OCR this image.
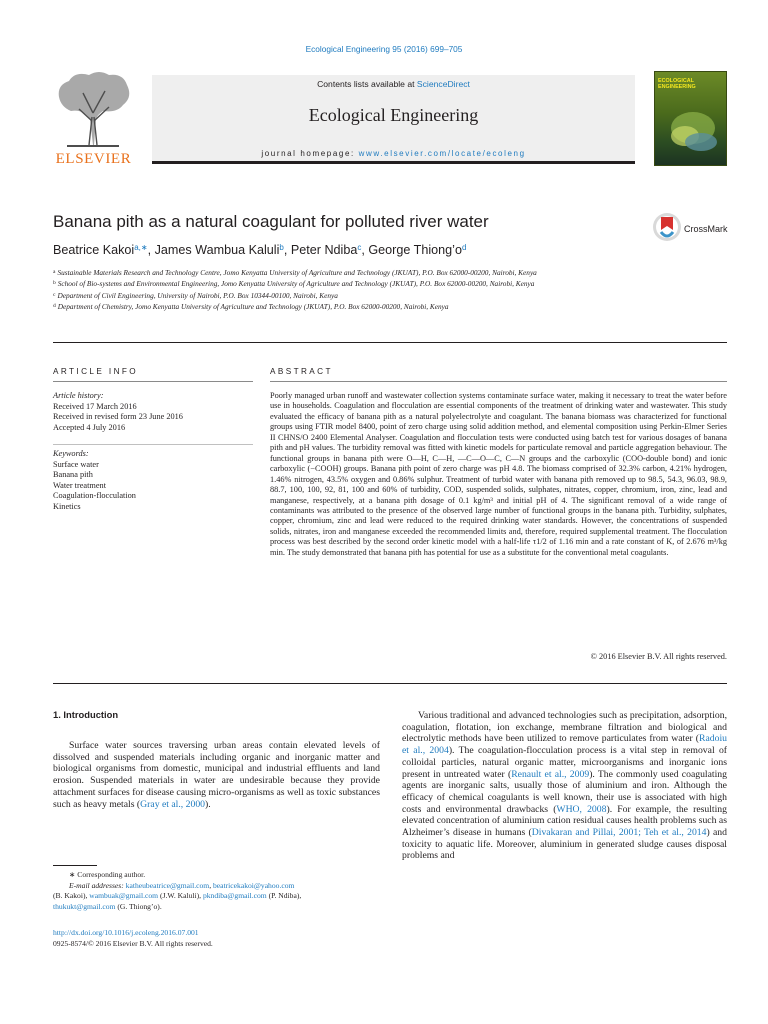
Ecological Engineering 95 (2016) 699–705
ELSEVIER
Contents lists available at ScienceDirect
Ecological Engineering
journal homepage: www.elsevier.com/locate/ecoleng
ECOLOGICAL ENGINEERING
Banana pith as a natural coagulant for polluted river water	CrossMark
Beatrice Kakoi$^{a,∗}$, James Wambua Kaluli$^b$, Peter Ndiba$^c$, George $Thiong’o^d$
$^a$ Sustainable Materials Research and Technology Centre, Jomo Kenyatta University of Agriculture and Technology (JKUAT), P.O. Box 62000-00200, Nairobi, Kenya
$^b$ School of Bio-systems and Environmental Engineering, Jomo Kenyatta University of Agriculture and Technology (JKUAT), P.O. Box 62000-00200, Nairobi, Kenya
$^c$ Department of Civil Engineering, University of Nairobi, P.O. Box 10344-00100, Nairobi, Kenya
$^d$ Department of Chemistry, Jomo Kenyatta University of Agriculture and Technology (JKUAT), P.O. Box 62000-00200, Nairobi, Kenya
ARTICLE INFO	ABSTRACT
Article history:
Received 17 March 2016
Received in revised form 23 June 2016
Accepted 4 July 2016
Keywords:
Surface water
Banana pith
Water treatment
Coagulation-flocculation
Kinetics
Poorly managed urban runoff and wastewater collection systems contaminate surface water, making it necessary to treat the water before use in households. Coagulation and flocculation are essential components of the treatment of drinking water and wastewater. This study evaluated the efficacy of banana pith as a natural polyelectrolyte and coagulant. The banana biomass was characterized for functional groups using FTIR model 8400, point of zero charge using solid addition method, and elemental composition using Perkin-Elmer Series II CHNS/O 2400 Elemental Analyser. Coagulation and flocculation tests were conducted using batch test for various dosages of banana pith and pH values. The turbidity removal was fitted with kinetic models for particulate removal and particle aggregation behaviour. The functional groups in banana pith were O—H, C—H, —C—O—C, C—N groups and the carboxylic (COO-double bond) and ionic carboxylic (−COOH) groups. Banana pith point of zero charge was pH 4.8. The biomass comprised of 32.3% carbon, 4.21% hydrogen, 1.46% nitrogen, 43.5% oxygen and 0.86% sulphur. Treatment of turbid water with banana pith removed up to 98.5, 54.3, 96.03, 98.9, 88.7, 100, 100, 92, 81, 100 and 60% of turbidity, COD, suspended solids, sulphates, nitrates, copper, chromium, iron, zinc, lead and manganese, respectively, at a banana pith dosage of 0.1 kg/m³ and initial pH of 4. The significant removal of a wide range of contaminants was attributed to the presence of the observed large number of functional groups in the banana pith. Turbidity, sulphates, copper, chromium, zinc and lead were reduced to the required drinking water standards. However, the concentrations of suspended solids, nitrates, iron and manganese exceeded the recommended limits and, therefore, required supplemental treatment. The flocculation process was best described by the second order kinetic model with a half-life τ1/2 of 1.16 min and a rate constant of K, of 2.676 m³/kg min. The study demonstrated that banana pith has potential for use as a substitute for the conventional metal coagulants.
© 2016 Elsevier B.V. All rights reserved.
1. Introduction

Surface water sources traversing urban areas contain elevated levels of dissolved and suspended materials including organic and inorganic matter and biological organisms from domestic, municipal and industrial effluents and land erosion. Suspended materials in water are undesirable because they provide attachment surfaces for disease causing micro-organisms as well as toxic substances such as heavy metals (Gray et al., 2000).

Various traditional and advanced technologies such as precipitation, adsorption, coagulation, flotation, ion exchange, membrane filtration and biological and electrolytic methods have been utilized to remove particulates from water (Radoiu et al., 2004). The coagulation-flocculation process is a vital step in removal of colloidal particles, natural organic matter, microorganisms and inorganic ions present in untreated water (Renault et al., 2009). The commonly used coagulating agents are inorganic salts, usually those of aluminium and iron. Although the efficacy of chemical coagulants is well known, their use is associated with high costs and environmental drawbacks (WHO, 2008). For example, the resulting elevated concentration of aluminium cation residual causes health problems such as Alzheimer’s disease in humans (Divakaran and Pillai, 2001; Teh et al., 2014) and toxicity to aquatic life. Moreover, aluminium in generated sludge causes disposal problems and

∗ Corresponding author.
E-mail addresses: katheubeatrice@gmail.com, beatricekakoi@yahoo.com
(B. Kakoi), wambuak@gmail.com (J.W. Kaluli), pkndiba@gmail.com (P. Ndiba),
thukukt@gmail.com (G. Thiong’o).
http://dx.doi.org/10.1016/j.ecoleng.2016.07.001
0925-8574/© 2016 Elsevier B.V. All rights reserved.
